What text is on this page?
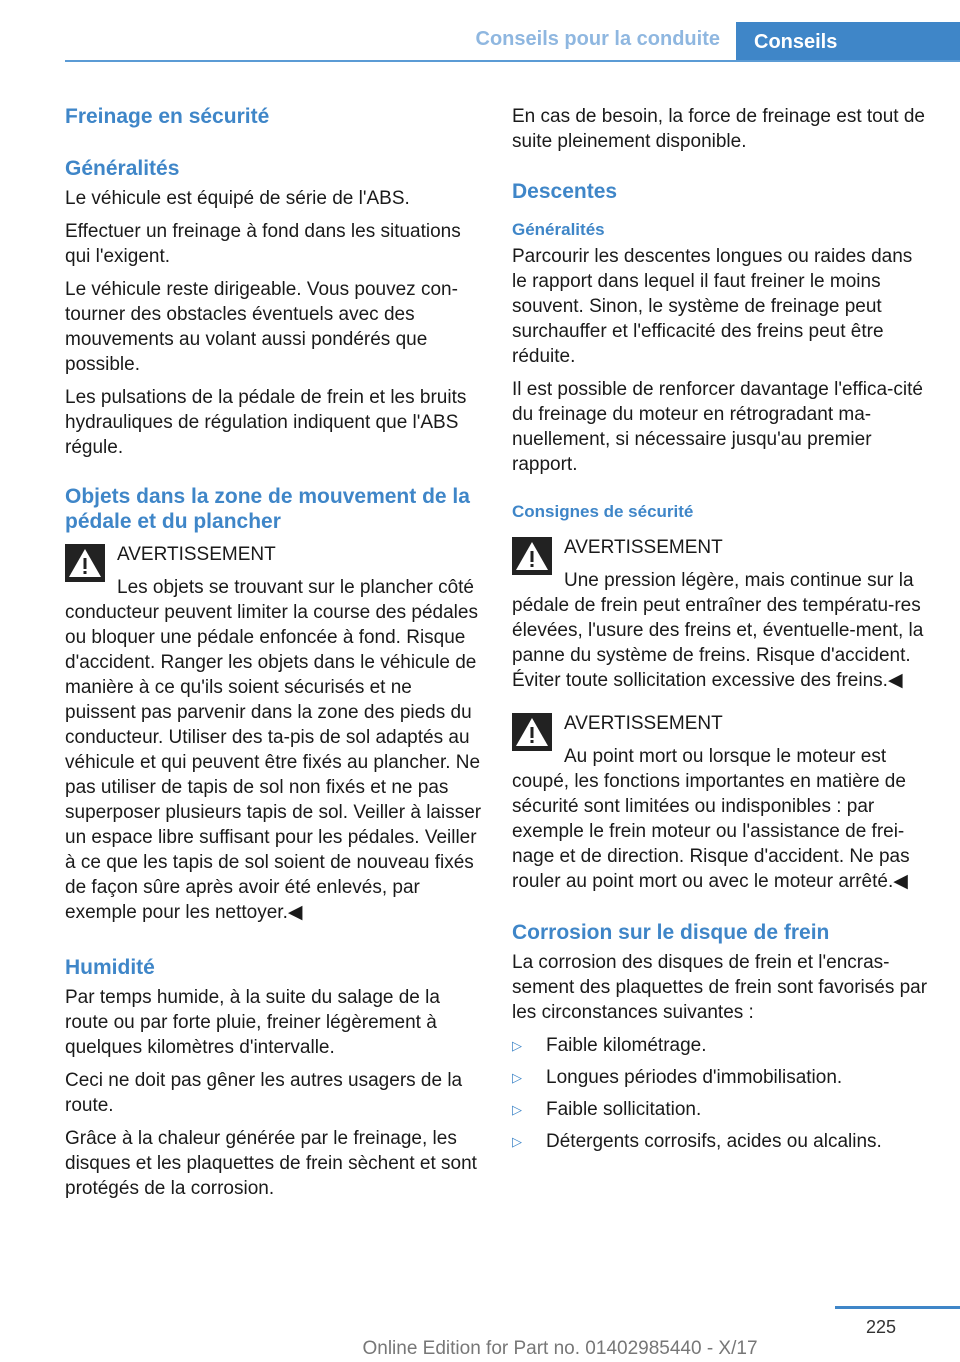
Conseils pour la conduite	Conseils
Freinage en sécurité
Généralités

Le véhicule est équipé de série de l'ABS.

Effectuer un freinage à fond dans les situations qui l'exigent.

Le véhicule reste dirigeable. Vous pouvez con‐tourner des obstacles éventuels avec des mouvements au volant aussi pondérés que possible.

Les pulsations de la pédale de frein et les bruits hydrauliques de régulation indiquent que l'ABS régule.

Objets dans la zone de mouvement de la pédale et du plancher
AVERTISSEMENT

Les objets se trouvant sur le plancher côté conducteur peuvent limiter la course des pédales ou bloquer une pédale enfoncée à fond. Risque d'accident. Ranger les objets dans le véhicule de manière à ce qu'ils soient sécurisés et ne puissent pas parvenir dans la zone des pieds du conducteur. Utiliser des ta‐pis de sol adaptés au véhicule et qui peuvent être fixés au plancher. Ne pas utiliser de tapis de sol non fixés et ne pas superposer plusieurs tapis de sol. Veiller à laisser un espace libre suffisant pour les pédales. Veiller à ce que les tapis de sol soient de nouveau fixés de façon sûre après avoir été enlevés, par exemple pour les nettoyer.◀

Humidité

Par temps humide, à la suite du salage de la route ou par forte pluie, freiner légèrement à quelques kilomètres d'intervalle.

Ceci ne doit pas gêner les autres usagers de la route.

Grâce à la chaleur générée par le freinage, les disques et les plaquettes de frein sèchent et sont protégés de la corrosion.

En cas de besoin, la force de freinage est tout de suite pleinement disponible.

Descentes
Généralités

Parcourir les descentes longues ou raides dans le rapport dans lequel il faut freiner le moins souvent. Sinon, le système de freinage peut surchauffer et l'efficacité des freins peut être réduite.

Il est possible de renforcer davantage l'effica‐cité du freinage du moteur en rétrogradant ma‐nuellement, si nécessaire jusqu'au premier rapport.

Consignes de sécurité
AVERTISSEMENT

Une pression légère, mais continue sur la pédale de frein peut entraîner des températu‐res élevées, l'usure des freins et, éventuelle‐ment, la panne du système de freins. Risque d'accident. Éviter toute sollicitation excessive des freins.◀

AVERTISSEMENT

Au point mort ou lorsque le moteur est coupé, les fonctions importantes en matière de sécurité sont limitées ou indisponibles : par exemple le frein moteur ou l'assistance de frei‐nage et de direction. Risque d'accident. Ne pas rouler au point mort ou avec le moteur arrêté.◀

Corrosion sur le disque de frein

La corrosion des disques de frein et l'encras‐sement des plaquettes de frein sont favorisés par les circonstances suivantes :

▷ Faible kilométrage.
▷ Longues périodes d'immobilisation.
▷ Faible sollicitation.
▷ Détergents corrosifs, acides ou alcalins.
225
Online Edition for Part no. 01402985440 - X/17
